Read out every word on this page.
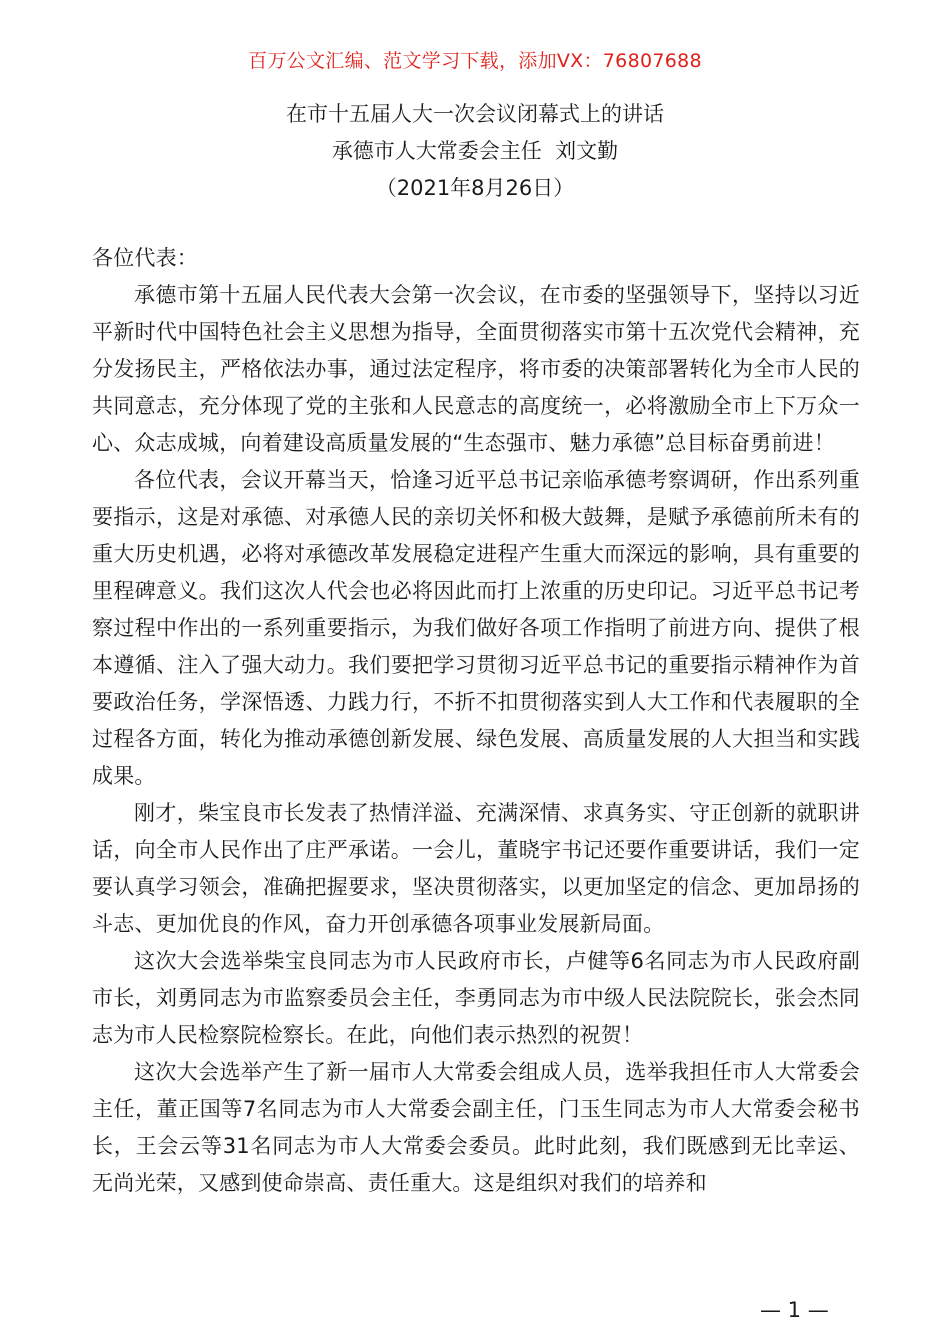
百万公文汇编、范文学习下载，添加VX：76807688
在市十五届人大一次会议闭幕式上的讲话
承德市人大常委会主任  刘文勤
（2021年8月26日）

各位代表：

承德市第十五届人民代表大会第一次会议，在市委的坚强领导下，坚持以习近平新时代中国特色社会主义思想为指导，全面贯彻落实市第十五次党代会精神，充分发扬民主，严格依法办事，通过法定程序，将市委的决策部署转化为全市人民的共同意志，充分体现了党的主张和人民意志的高度统一，必将激励全市上下万众一心、众志成城，向着建设高质量发展的“生态强市、魅力承德”总目标奋勇前进！

各位代表，会议开幕当天，恰逢习近平总书记亲临承德考察调研，作出系列重要指示，这是对承德、对承德人民的亲切关怀和极大鼓舞，是赋予承德前所未有的重大历史机遇，必将对承德改革发展稳定进程产生重大而深远的影响，具有重要的里程碑意义。我们这次人代会也必将因此而打上浓重的历史印记。习近平总书记考察过程中作出的一系列重要指示，为我们做好各项工作指明了前进方向、提供了根本遵循、注入了强大动力。我们要把学习贯彻习近平总书记的重要指示精神作为首要政治任务，学深悟透、力践力行，不折不扣贯彻落实到人大工作和代表履职的全过程各方面，转化为推动承德创新发展、绿色发展、高质量发展的人大担当和实践成果。

刚才，柴宝良市长发表了热情洋溢、充满深情、求真务实、守正创新的就职讲话，向全市人民作出了庄严承诺。一会儿，董晓宇书记还要作重要讲话，我们一定要认真学习领会，准确把握要求，坚决贯彻落实，以更加坚定的信念、更加昂扬的斗志、更加优良的作风，奋力开创承德各项事业发展新局面。

这次大会选举柴宝良同志为市人民政府市长，卢健等6名同志为市人民政府副市长，刘勇同志为市监察委员会主任，李勇同志为市中级人民法院院长，张会杰同志为市人民检察院检察长。在此，向他们表示热烈的祝贺！

这次大会选举产生了新一届市人大常委会组成人员，选举我担任市人大常委会主任，董正国等7名同志为市人大常委会副主任，门玉生同志为市人大常委会秘书长，王会云等31名同志为市人大常委会委员。此时此刻，我们既感到无比幸运、无尚光荣，又感到使命崇高、责任重大。这是组织对我们的培养和

— 1 —
